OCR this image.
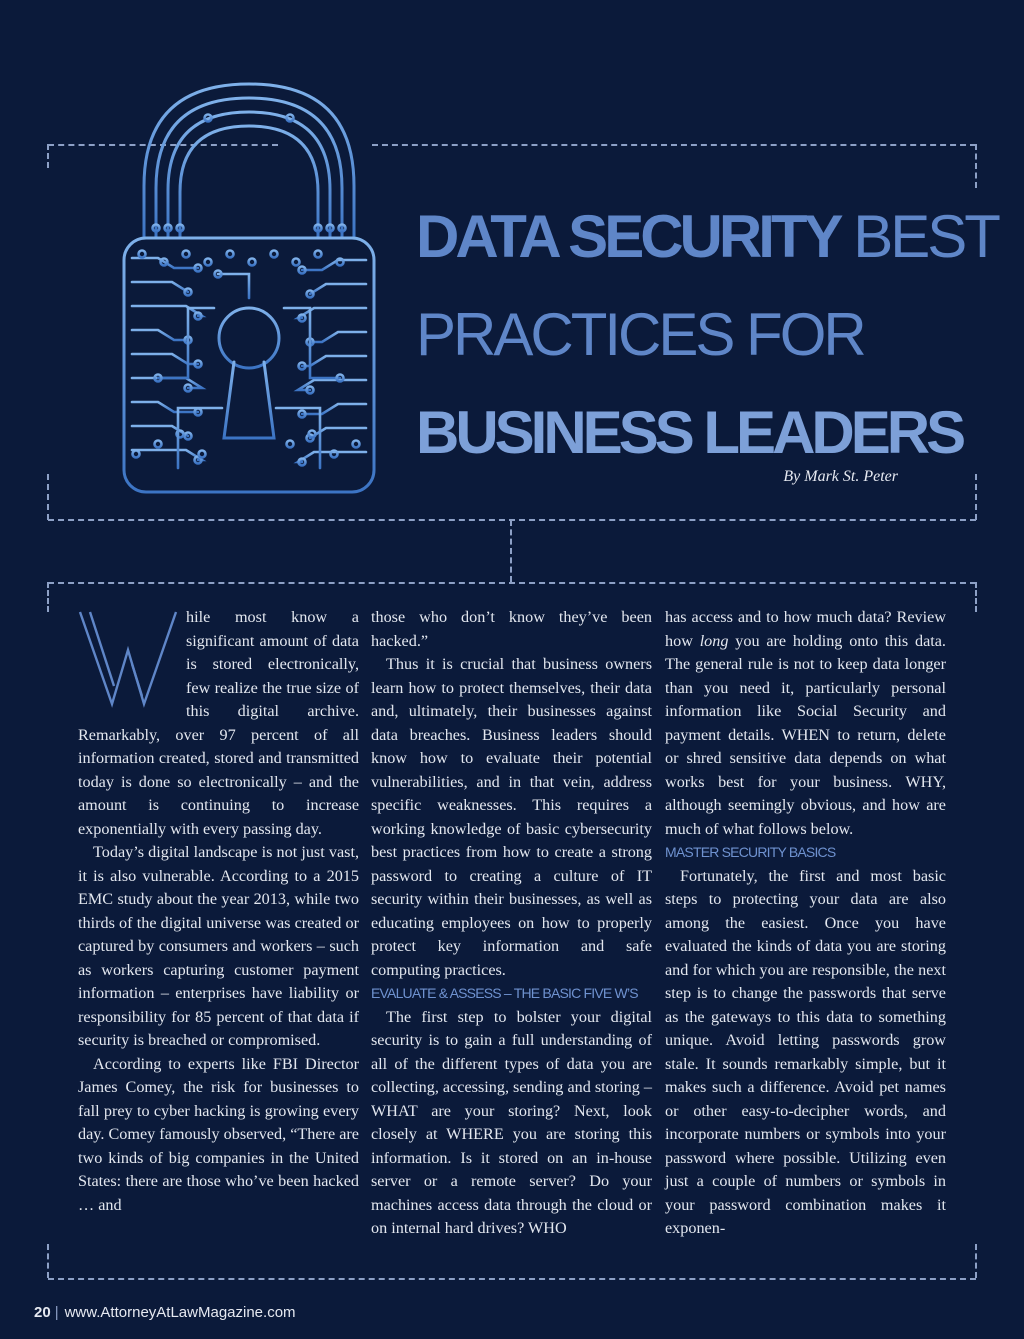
DATA SECURITY BEST
PRACTICES FOR
BUSINESS LEADERS
By Mark St. Peter
W

hile most know a significant amount of data is stored electronically, few realize the true size of this digital archive. Remarkably, over 97 percent of all information created, stored and transmitted today is done so electronically – and the amount is continuing to increase exponentially with every passing day.

Today’s digital landscape is not just vast, it is also vulnerable. According to a 2015 EMC study about the year 2013, while two thirds of the digital universe was created or captured by consumers and workers – such as workers capturing customer payment information – enterprises have liability or responsibility for 85 percent of that data if security is breached or compromised.

According to experts like FBI Director James Comey, the risk for businesses to fall prey to cyber hacking is growing every day. Comey famously observed, “There are two kinds of big companies in the United States: there are those who’ve been hacked … and

those who don’t know they’ve been hacked.”

Thus it is crucial that business owners learn how to protect themselves, their data and, ultimately, their businesses against data breaches. Business leaders should know how to evaluate their potential vulnerabilities, and in that vein, address specific weaknesses. This requires a working knowledge of basic cybersecurity best practices from how to create a strong password to creating a culture of IT security within their businesses, as well as educating employees on how to properly protect key information and safe computing practices.

EVALUATE & ASSESS – THE BASIC FIVE W’S

The first step to bolster your digital security is to gain a full understanding of all of the different types of data you are collecting, accessing, sending and storing – WHAT are your storing? Next, look closely at WHERE you are storing this information. Is it stored on an in-house server or a remote server? Do your machines access data through the cloud or on internal hard drives? WHO

has access and to how much data? Review how long you are holding onto this data. The general rule is not to keep data longer than you need it, particularly personal information like Social Security and payment details. WHEN to return, delete or shred sensitive data depends on what works best for your business. WHY, although seemingly obvious, and how are much of what follows below.

MASTER SECURITY BASICS

Fortunately, the first and most basic steps to protecting your data are also among the easiest. Once you have evaluated the kinds of data you are storing and for which you are responsible, the next step is to change the passwords that serve as the gateways to this data to something unique. Avoid letting passwords grow stale. It sounds remarkably simple, but it makes such a difference. Avoid pet names or other easy-to-decipher words, and incorporate numbers or symbols into your password where possible. Utilizing even just a couple of numbers or symbols in your password combination makes it exponen-

20 | www.AttorneyAtLawMagazine.com
